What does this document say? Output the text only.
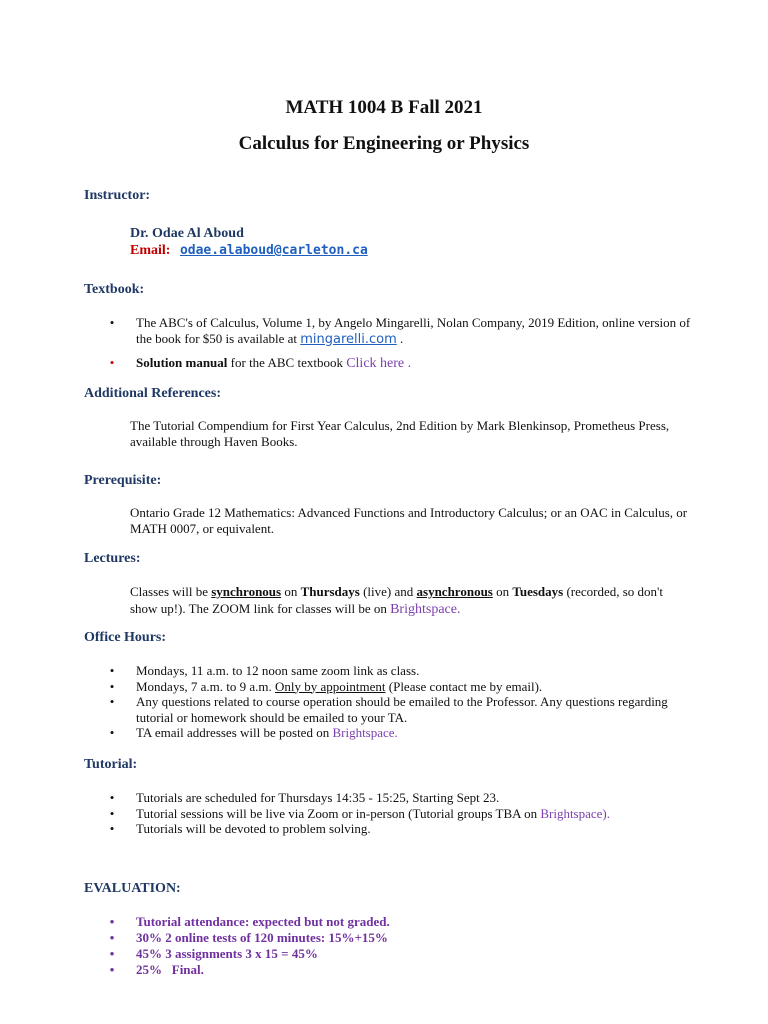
MATH 1004 B Fall 2021
Calculus for Engineering or Physics
Instructor:
Dr. Odae Al Aboud
Email: odae.alaboud@carleton.ca
Textbook:
• The ABC's of Calculus, Volume 1, by Angelo Mingarelli, Nolan Company, 2019 Edition, online version of the book for $50 is available at mingarelli.com .
• Solution manual for the ABC textbook Click here .
Additional References:
The Tutorial Compendium for First Year Calculus, 2nd Edition by Mark Blenkinsop, Prometheus Press, available through Haven Books.
Prerequisite:
Ontario Grade 12 Mathematics: Advanced Functions and Introductory Calculus; or an OAC in Calculus, or MATH 0007, or equivalent.
Lectures:
Classes will be synchronous on Thursdays (live) and asynchronous on Tuesdays (recorded, so don't show up!). The ZOOM link for classes will be on Brightspace.
Office Hours:
• Mondays, 11 a.m. to 12 noon same zoom link as class.
• Mondays, 7 a.m. to 9 a.m. Only by appointment (Please contact me by email).
• Any questions related to course operation should be emailed to the Professor. Any questions regarding tutorial or homework should be emailed to your TA.
• TA email addresses will be posted on Brightspace.
Tutorial:
• Tutorials are scheduled for Thursdays 14:35 - 15:25, Starting Sept 23.
• Tutorial sessions will be live via Zoom or in-person (Tutorial groups TBA on Brightspace).
• Tutorials will be devoted to problem solving.
EVALUATION:
• Tutorial attendance: expected but not graded.
• 30% 2 online tests of 120 minutes: 15%+15%
• 45% 3 assignments 3 x 15 = 45%
• 25%   Final.
